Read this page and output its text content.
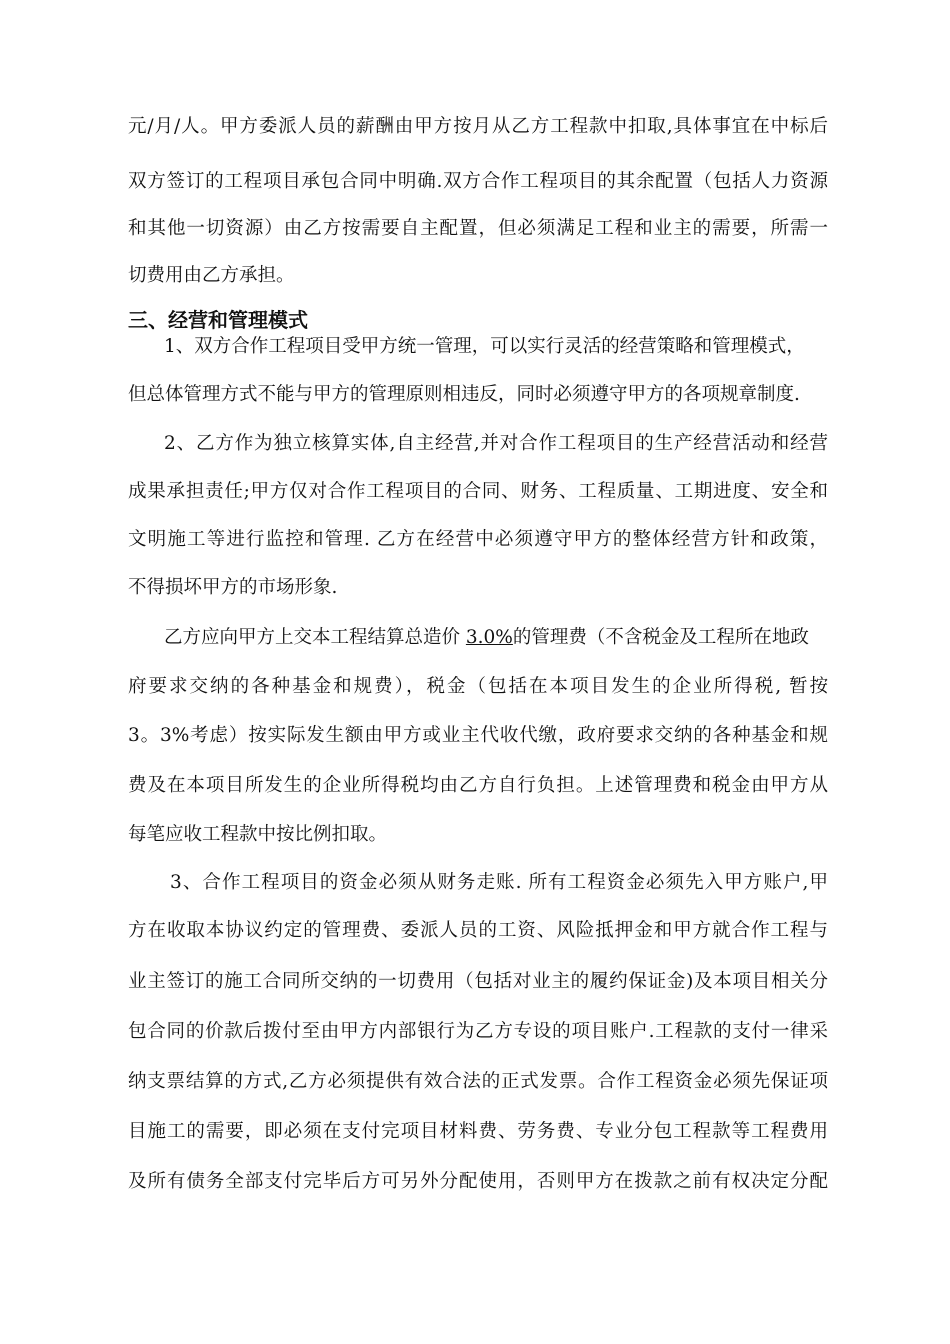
元/月/人。甲方委派人员的薪酬由甲方按月从乙方工程款中扣取,具体事宜在中标后
双方签订的工程项目承包合同中明确.双方合作工程项目的其余配置（包括人力资源
和其他一切资源）由乙方按需要自主配置，但必须满足工程和业主的需要，所需一
切费用由乙方承担。
三、经营和管理模式
1、双方合作工程项目受甲方统一管理，可以实行灵活的经营策略和管理模式，
但总体管理方式不能与甲方的管理原则相违反，同时必须遵守甲方的各项规章制度.
2、乙方作为独立核算实体,自主经营,并对合作工程项目的生产经营活动和经营
成果承担责任;甲方仅对合作工程项目的合同、财务、工程质量、工期进度、安全和
文明施工等进行监控和管理. 乙方在经营中必须遵守甲方的整体经营方针和政策，
不得损坏甲方的市场形象.
乙方应向甲方上交本工程结算总造价 3.0%的管理费（不含税金及工程所在地政
府要求交纳的各种基金和规费），税金（包括在本项目发生的企业所得税, 暂按
3。3%考虑）按实际发生额由甲方或业主代收代缴，政府要求交纳的各种基金和规
费及在本项目所发生的企业所得税均由乙方自行负担。上述管理费和税金由甲方从
每笔应收工程款中按比例扣取。
3、合作工程项目的资金必须从财务走账. 所有工程资金必须先入甲方账户,甲
方在收取本协议约定的管理费、委派人员的工资、风险抵押金和甲方就合作工程与
业主签订的施工合同所交纳的一切费用（包括对业主的履约保证金)及本项目相关分
包合同的价款后拨付至由甲方内部银行为乙方专设的项目账户.工程款的支付一律采
纳支票结算的方式,乙方必须提供有效合法的正式发票。合作工程资金必须先保证项
目施工的需要，即必须在支付完项目材料费、劳务费、专业分包工程款等工程费用
及所有债务全部支付完毕后方可另外分配使用，否则甲方在拨款之前有权决定分配
